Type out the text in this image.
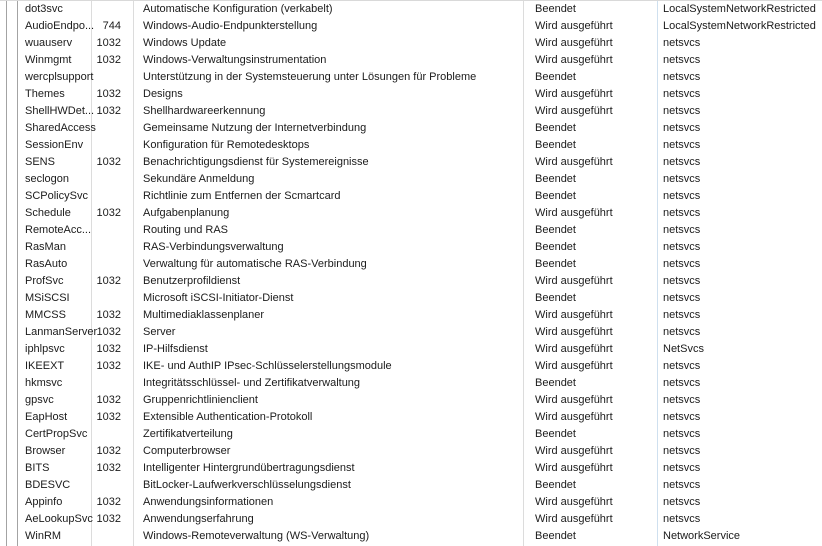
dot3svc	Automatische Konfiguration (verkabelt)	Beendet	LocalSystemNetworkRestricted
AudioEndpo... 744	Windows-Audio-Endpunkterstellung	Wird ausgeführt	LocalSystemNetworkRestricted
wuauserv	1032	Windows Update	Wird ausgeführt	netsvcs
Winmgmt	1032	Windows-Verwaltungsinstrumentation	Wird ausgeführt	netsvcs
wercplsupport	Unterstützung in der Systemsteuerung unter Lösungen für Probleme	Beendet	netsvcs
Themes	1032	Designs	Wird ausgeführt	netsvcs
ShellHWDet... 1032	Shellhardwareerkennung	Wird ausgeführt	netsvcs
SharedAccess	Gemeinsame Nutzung der Internetverbindung	Beendet	netsvcs
SessionEnv	Konfiguration für Remotedesktops	Beendet	netsvcs
SENS	1032	Benachrichtigungsdienst für Systemereignisse	Wird ausgeführt	netsvcs
seclogon	Sekundäre Anmeldung	Beendet	netsvcs
SCPolicySvc	Richtlinie zum Entfernen der Scmartcard	Beendet	netsvcs
Schedule	1032	Aufgabenplanung	Wird ausgeführt	netsvcs
RemoteAcc...	Routing und RAS	Beendet	netsvcs
RasMan	RAS-Verbindungsverwaltung	Beendet	netsvcs
RasAuto	Verwaltung für automatische RAS-Verbindung	Beendet	netsvcs
ProfSvc	1032	Benutzerprofildienst	Wird ausgeführt	netsvcs
MSiSCSI	Microsoft iSCSI-Initiator-Dienst	Beendet	netsvcs
MMCSS	1032	Multimediaklassenplaner	Wird ausgeführt	netsvcs
LanmanServer 1032	Server	Wird ausgeführt	netsvcs
iphlpsvc	1032	IP-Hilfsdienst	Wird ausgeführt	NetSvcs
IKEEXT	1032	IKE- und AuthIP IPsec-Schlüsselerstellungsmodule	Wird ausgeführt	netsvcs
hkmsvc	Integritätsschlüssel- und Zertifikatverwaltung	Beendet	netsvcs
gpsvc	1032	Gruppenrichtlinienclient	Wird ausgeführt	netsvcs
EapHost	1032	Extensible Authentication-Protokoll	Wird ausgeführt	netsvcs
CertPropSvc	Zertifikatverteilung	Beendet	netsvcs
Browser	1032	Computerbrowser	Wird ausgeführt	netsvcs
BITS	1032	Intelligenter Hintergrundübertragungsdienst	Wird ausgeführt	netsvcs
BDESVC	BitLocker-Laufwerkverschlüsselungsdienst	Beendet	netsvcs
Appinfo	1032	Anwendungsinformationen	Wird ausgeführt	netsvcs
AeLookupSvc 1032	Anwendungserfahrung	Wird ausgeführt	netsvcs
WinRM	Windows-Remoteverwaltung (WS-Verwaltung)	Beendet	NetworkService
